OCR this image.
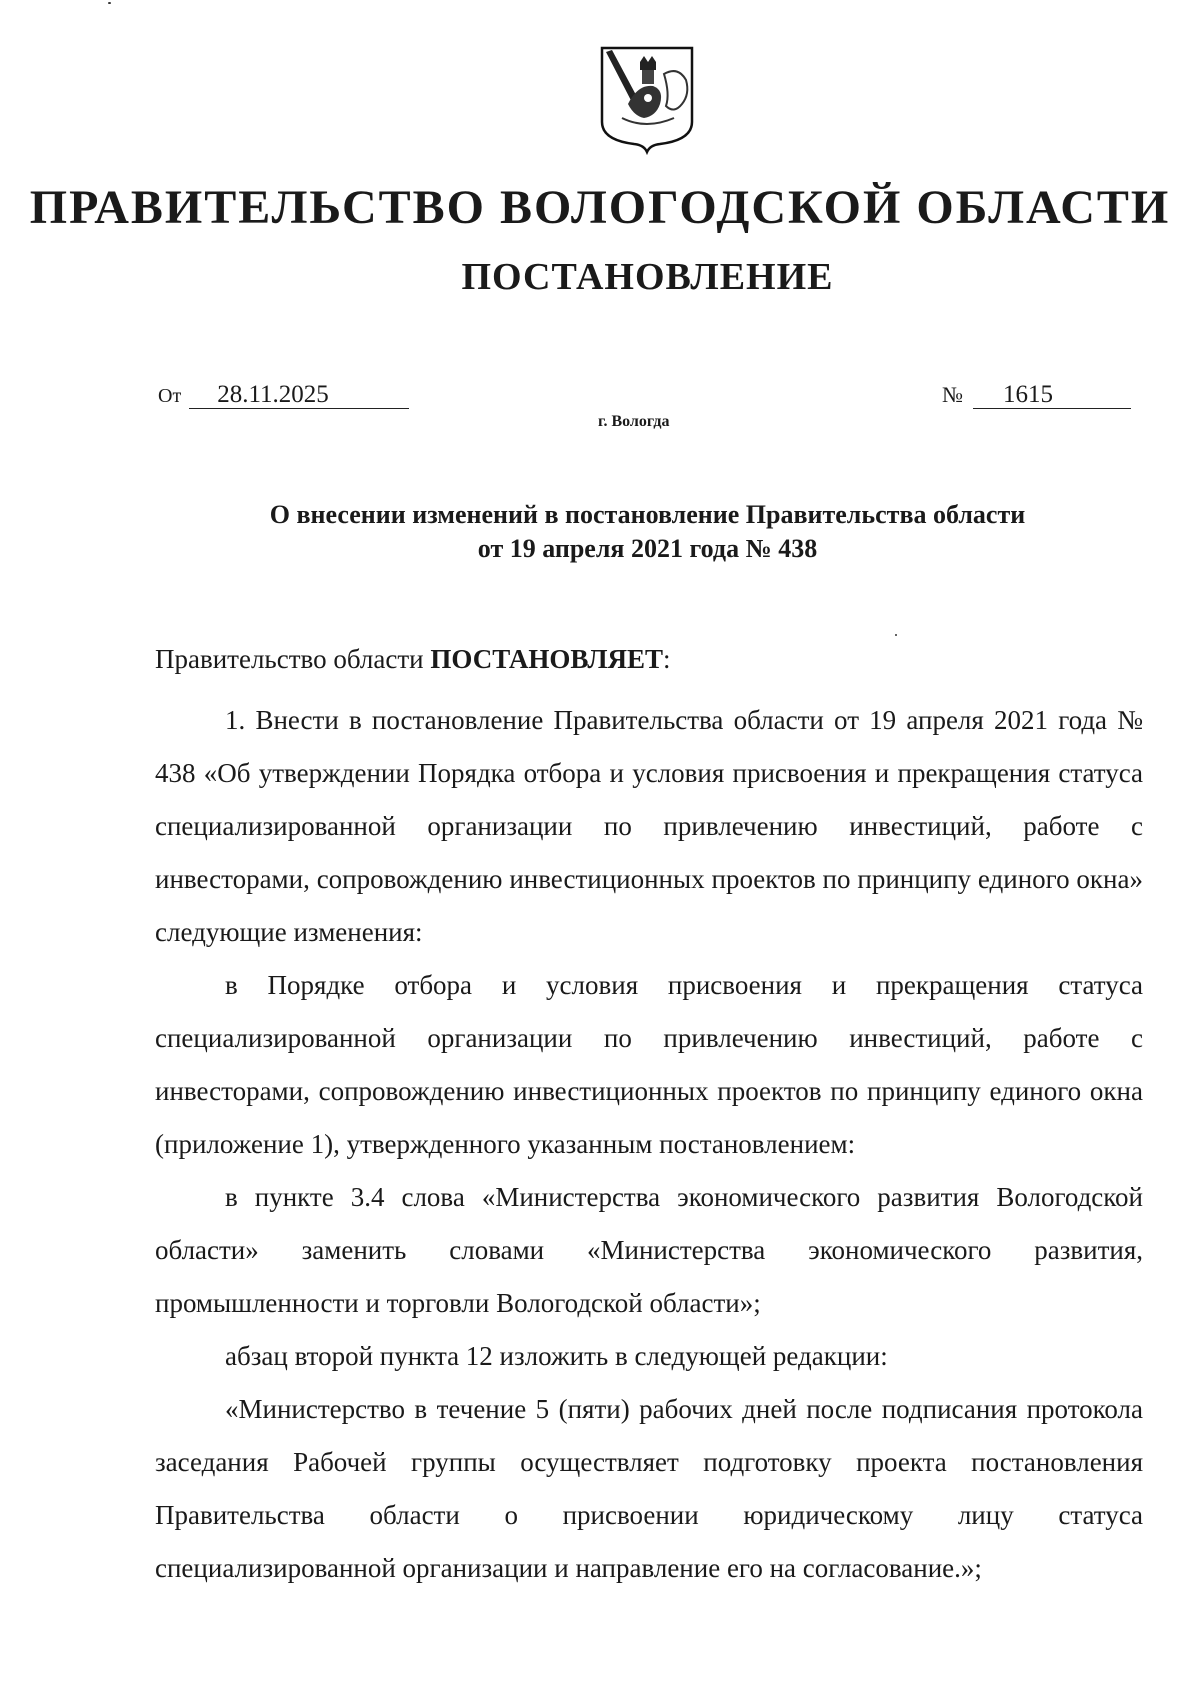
ПРАВИТЕЛЬСТВО ВОЛОГОДСКОЙ ОБЛАСТИ
ПОСТАНОВЛЕНИЕ
От	28.11.2025	№	1615
г. Вологда
О внесении изменений в постановление Правительства области
от 19 апреля 2021 года № 438

Правительство области ПОСТАНОВЛЯЕТ:

1. Внести в постановление Правительства области от 19 апреля 2021 года № 438 «Об утверждении Порядка отбора и условия присвоения и прекращения статуса специализированной организации по привлечению инвестиций, работе с инвесторами, сопровождению инвестиционных проектов по принципу единого окна» следующие изменения:

в Порядке отбора и условия присвоения и прекращения статуса специализированной организации по привлечению инвестиций, работе с инвесторами, сопровождению инвестиционных проектов по принципу единого окна (приложение 1), утвержденного указанным постановлением:

в пункте 3.4 слова «Министерства экономического развития Вологодской области» заменить словами «Министерства экономического развития, промышленности и торговли Вологодской области»;

абзац второй пункта 12 изложить в следующей редакции:

«Министерство в течение 5 (пяти) рабочих дней после подписания протокола заседания Рабочей группы осуществляет подготовку проекта постановления Правительства области о присвоении юридическому лицу статуса специализированной организации и направление его на согласование.»;
